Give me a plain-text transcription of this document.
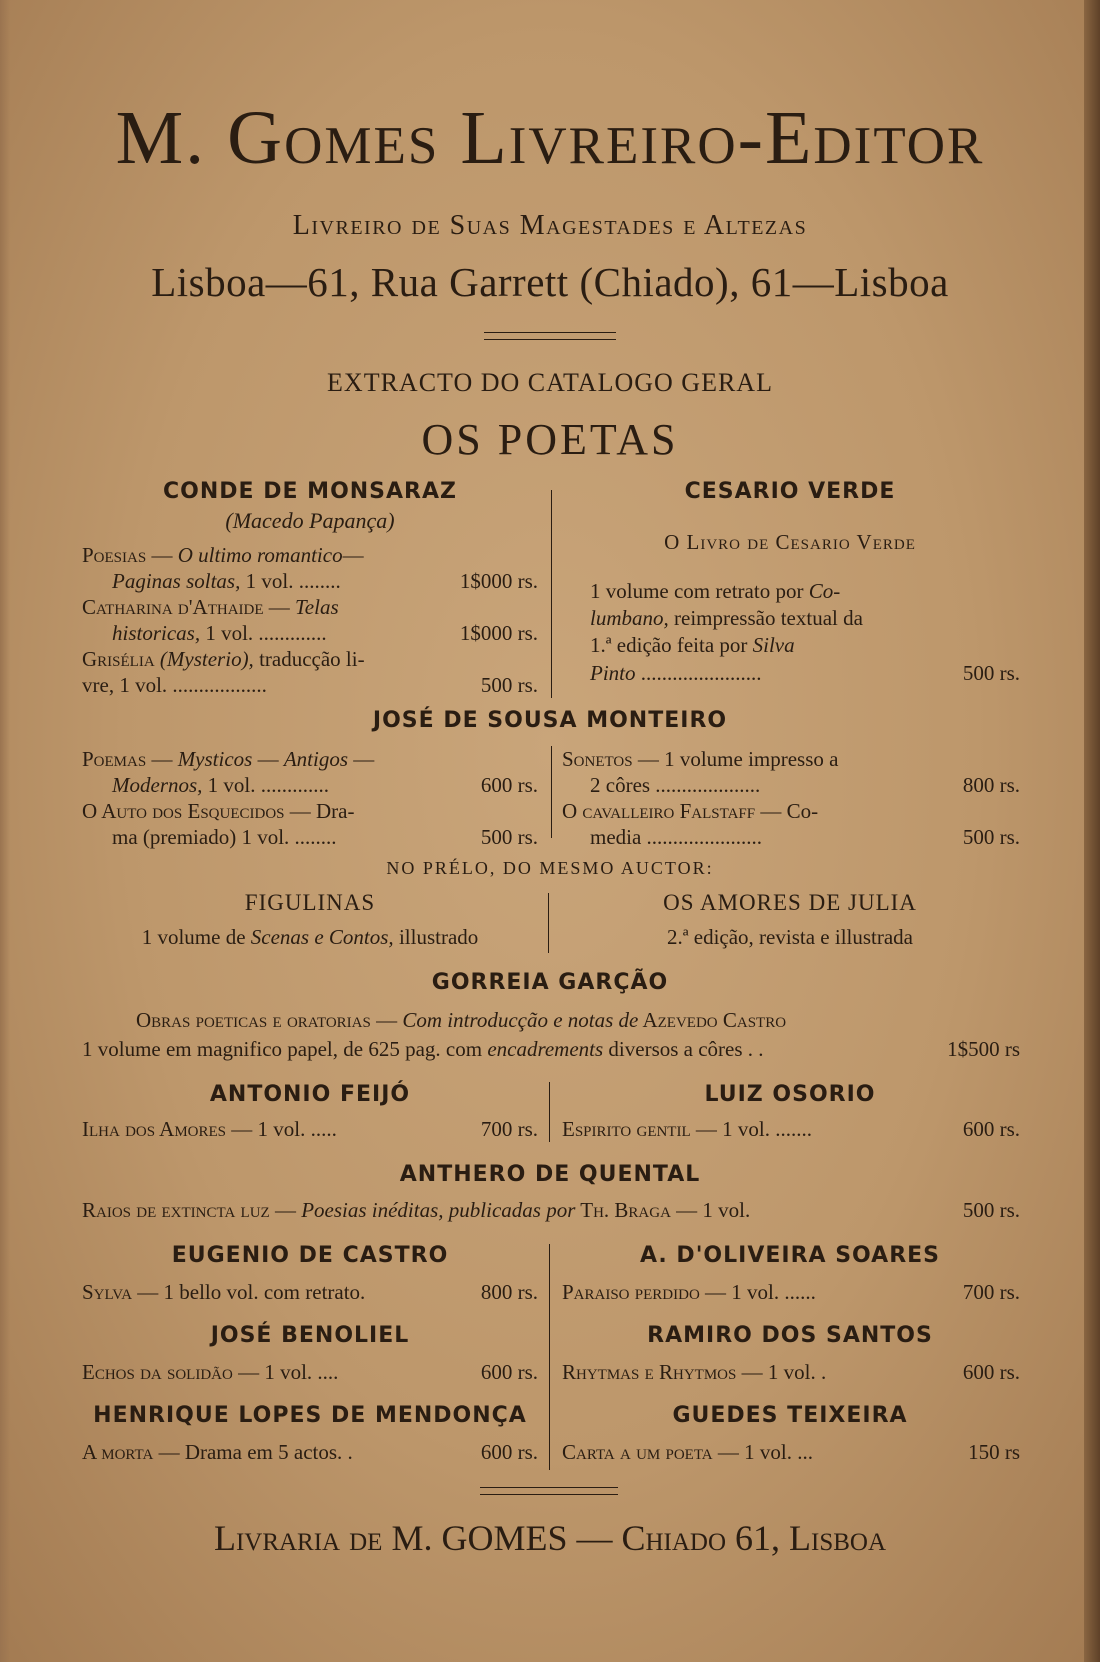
M. Gomes Livreiro-Editor
Livreiro de Suas Magestades e Altezas
Lisboa—61, Rua Garrett (Chiado), 61—Lisboa
EXTRACTO DO CATALOGO GERAL
OS POETAS
CONDE DE MONSARAZ
(Macedo Papança)
Poesias — O ultimo romantico—
Paginas soltas, 1 vol. ........	1$000 rs.
Catharina d'Athaide — Telas
historicas, 1 vol. .............	1$000 rs.
Grisélia (Mysterio), traducção li-
vre, 1 vol. ..................	500 rs.
CESARIO VERDE
O Livro de Cesario Verde
1 volume com retrato por Co-
lumbano, reimpressão textual da
1.ª edição feita por Silva
Pinto .......................	500 rs.
JOSÉ DE SOUSA MONTEIRO
Poemas — Mysticos — Antigos —
Modernos, 1 vol. .............	600 rs.
O Auto dos Esquecidos — Dra-
ma (premiado) 1 vol. ........	500 rs.
Sonetos — 1 volume impresso a
2 côres ....................	800 rs.
O cavalleiro Falstaff — Co-
media ......................	500 rs.
NO PRÉLO, DO MESMO AUCTOR:
FIGULINAS
1 volume de Scenas e Contos, illustrado
OS AMORES DE JULIA
2.ª edição, revista e illustrada
GORREIA GARÇÃO
Obras poeticas e oratorias — Com introducção e notas de Azevedo Castro
1 volume em magnifico papel, de 625 pag. com encadrements diversos a côres . .	1$500 rs
ANTONIO FEIJÓ
Ilha dos Amores — 1 vol. .....	700 rs.
LUIZ OSORIO
Espirito gentil — 1 vol. .......	600 rs.
ANTHERO DE QUENTAL
Raios de extincta luz — Poesias inéditas, publicadas por Th. Braga — 1 vol.	500 rs.
EUGENIO DE CASTRO
Sylva — 1 bello vol. com retrato.	800 rs.
A. D'OLIVEIRA SOARES
Paraiso perdido — 1 vol. ......	700 rs.
JOSÉ BENOLIEL
Echos da solidão — 1 vol. ....	600 rs.
RAMIRO DOS SANTOS
Rhytmas e Rhytmos — 1 vol. .	600 rs.
HENRIQUE LOPES DE MENDONÇA
A morta — Drama em 5 actos. .	600 rs.
GUEDES TEIXEIRA
Carta a um poeta — 1 vol. ...	150 rs
Livraria de M. GOMES — Chiado 61, Lisboa
